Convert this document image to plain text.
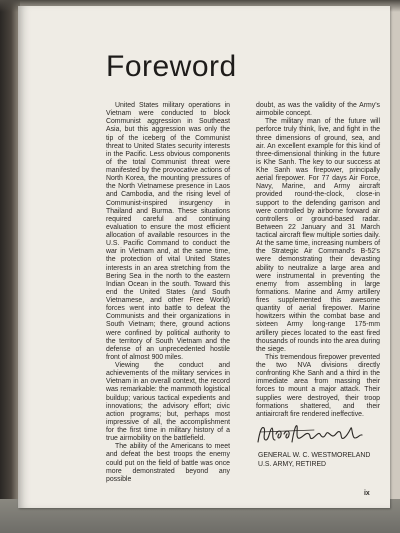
Foreword

United States military operations in Vietnam were conducted to block Communist aggression in Southeast Asia, but this aggression was only the tip of the iceberg of the Communist threat to United States security interests in the Pacific. Less obvious components of the total Communist threat were manifested by the provocative actions of North Korea, the mounting pressures of the North Vietnamese presence in Laos and Cambodia, and the rising level of Communist-inspired insurgency in Thailand and Burma. These situations required careful and continuing evaluation to ensure the most efficient allocation of available resources in the U.S. Pacific Command to conduct the war in Vietnam and, at the same time, the protection of vital United States interests in an area stretching from the Bering Sea in the north to the eastern Indian Ocean in the south. Toward this end the United States (and South Vietnamese, and other Free World) forces went into battle to defeat the Communists and their organizations in South Vietnam; there, ground actions were confined by political authority to the territory of South Vietnam and the defense of an unprecedented hostile front of almost 900 miles.

Viewing the conduct and achievements of the military services in Vietnam in an overall context, the record was remarkable: the mammoth logistical buildup; various tactical expedients and innovations; the advisory effort; civic action programs; but, perhaps most impressive of all, the accomplishment for the first time in military history of a true airmobility on the battlefield.

The ability of the Americans to meet and defeat the best troops the enemy could put on the field of battle was once more demonstrated beyond any possible

doubt, as was the validity of the Army's airmobile concept.

The military man of the future will perforce truly think, live, and fight in the three dimensions of ground, sea, and air. An excellent example for this kind of three-dimensional thinking in the future is Khe Sanh. The key to our success at Khe Sanh was firepower, principally aerial firepower. For 77 days Air Force, Navy, Marine, and Army aircraft provided round-the-clock, close-in support to the defending garrison and were controlled by airborne forward air controllers or ground-based radar. Between 22 January and 31 March tactical aircraft flew multiple sorties daily. At the same time, increasing numbers of the Strategic Air Command's B-52's were demonstrating their devasting ability to neutralize a large area and were instrumental in preventing the enemy from assembling in large formations. Marine and Army artillery fires supplemented this awesome quantity of aerial firepower. Marine howitzers within the combat base and sixteen Army long-range 175-mm artillery pieces located to the east fired thousands of rounds into the area during the siege.

This tremendous firepower prevented the two NVA divisions directly confronting Khe Sanh and a third in the immediate area from massing their forces to mount a major attack. Their supplies were destroyed, their troop formations shattered, and their antiaircraft fire rendered ineffective.

GENERAL W. C. WESTMORELAND
U.S. ARMY, RETIRED
ix
